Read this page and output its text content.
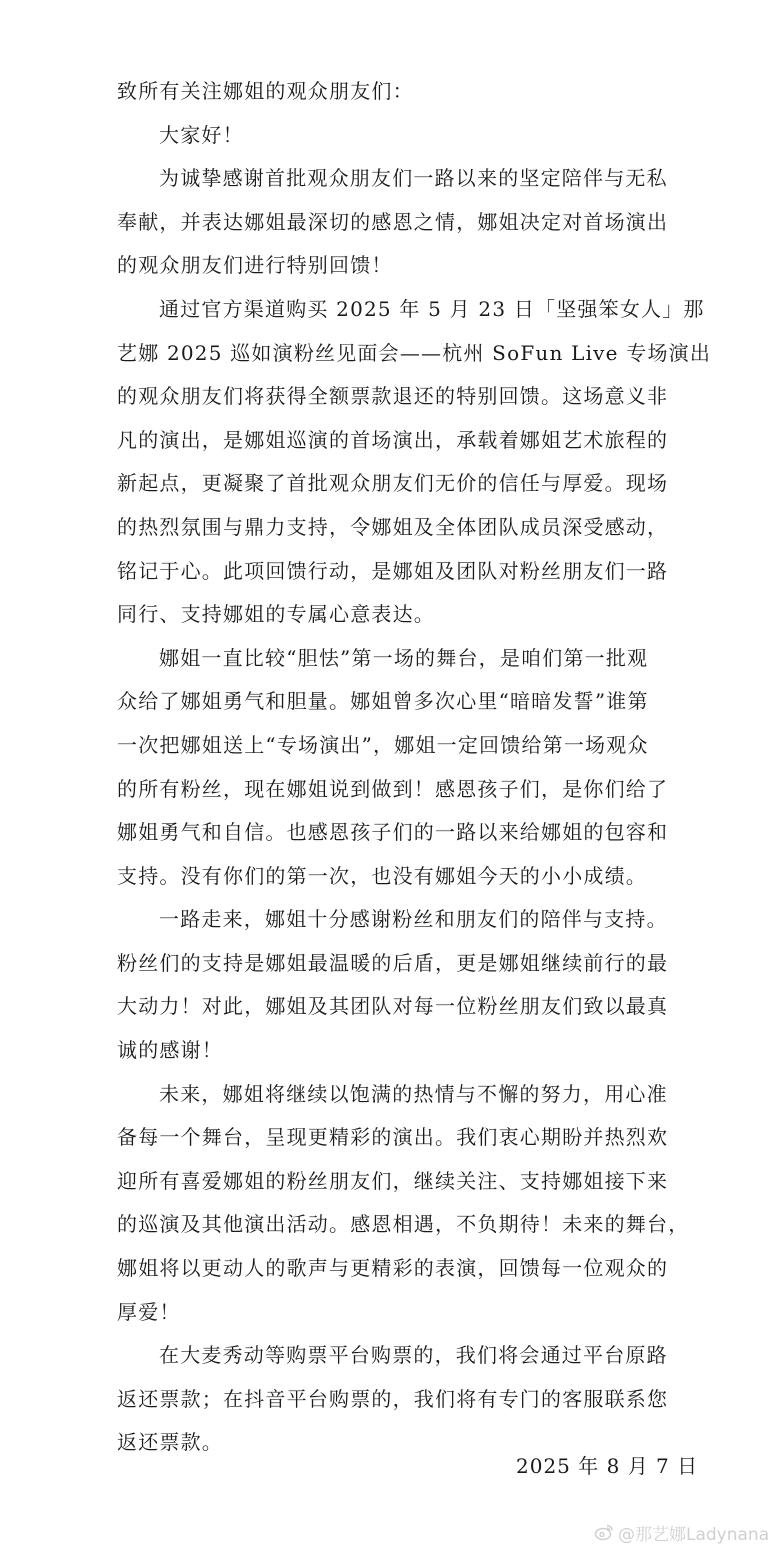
致所有关注娜姐的观众朋友们：
大家好！
为诚挚感谢首批观众朋友们一路以来的坚定陪伴与无私
奉献，并表达娜姐最深切的感恩之情，娜姐决定对首场演出
的观众朋友们进行特别回馈！
通过官方渠道购买 2025 年 5 月 23 日「坚强笨女人」那
艺娜 2025 巡如演粉丝见面会——杭州 SoFun Live 专场演出
的观众朋友们将获得全额票款退还的特别回馈。这场意义非
凡的演出，是娜姐巡演的首场演出，承载着娜姐艺术旅程的
新起点，更凝聚了首批观众朋友们无价的信任与厚爱。现场
的热烈氛围与鼎力支持，令娜姐及全体团队成员深受感动，
铭记于心。此项回馈行动，是娜姐及团队对粉丝朋友们一路
同行、支持娜姐的专属心意表达。
娜姐一直比较“胆怯”第一场的舞台，是咱们第一批观
众给了娜姐勇气和胆量。娜姐曾多次心里“暗暗发誓”谁第
一次把娜姐送上“专场演出”，娜姐一定回馈给第一场观众
的所有粉丝，现在娜姐说到做到！感恩孩子们，是你们给了
娜姐勇气和自信。也感恩孩子们的一路以来给娜姐的包容和
支持。没有你们的第一次，也没有娜姐今天的小小成绩。
一路走来，娜姐十分感谢粉丝和朋友们的陪伴与支持。
粉丝们的支持是娜姐最温暖的后盾，更是娜姐继续前行的最
大动力！对此，娜姐及其团队对每一位粉丝朋友们致以最真
诚的感谢！
未来，娜姐将继续以饱满的热情与不懈的努力，用心准
备每一个舞台，呈现更精彩的演出。我们衷心期盼并热烈欢
迎所有喜爱娜姐的粉丝朋友们，继续关注、支持娜姐接下来
的巡演及其他演出活动。感恩相遇，不负期待！未来的舞台，
娜姐将以更动人的歌声与更精彩的表演，回馈每一位观众的
厚爱！
在大麦秀动等购票平台购票的，我们将会通过平台原路
返还票款；在抖音平台购票的，我们将有专门的客服联系您
返还票款。
2025 年 8 月 7 日
@那艺娜Ladynana
